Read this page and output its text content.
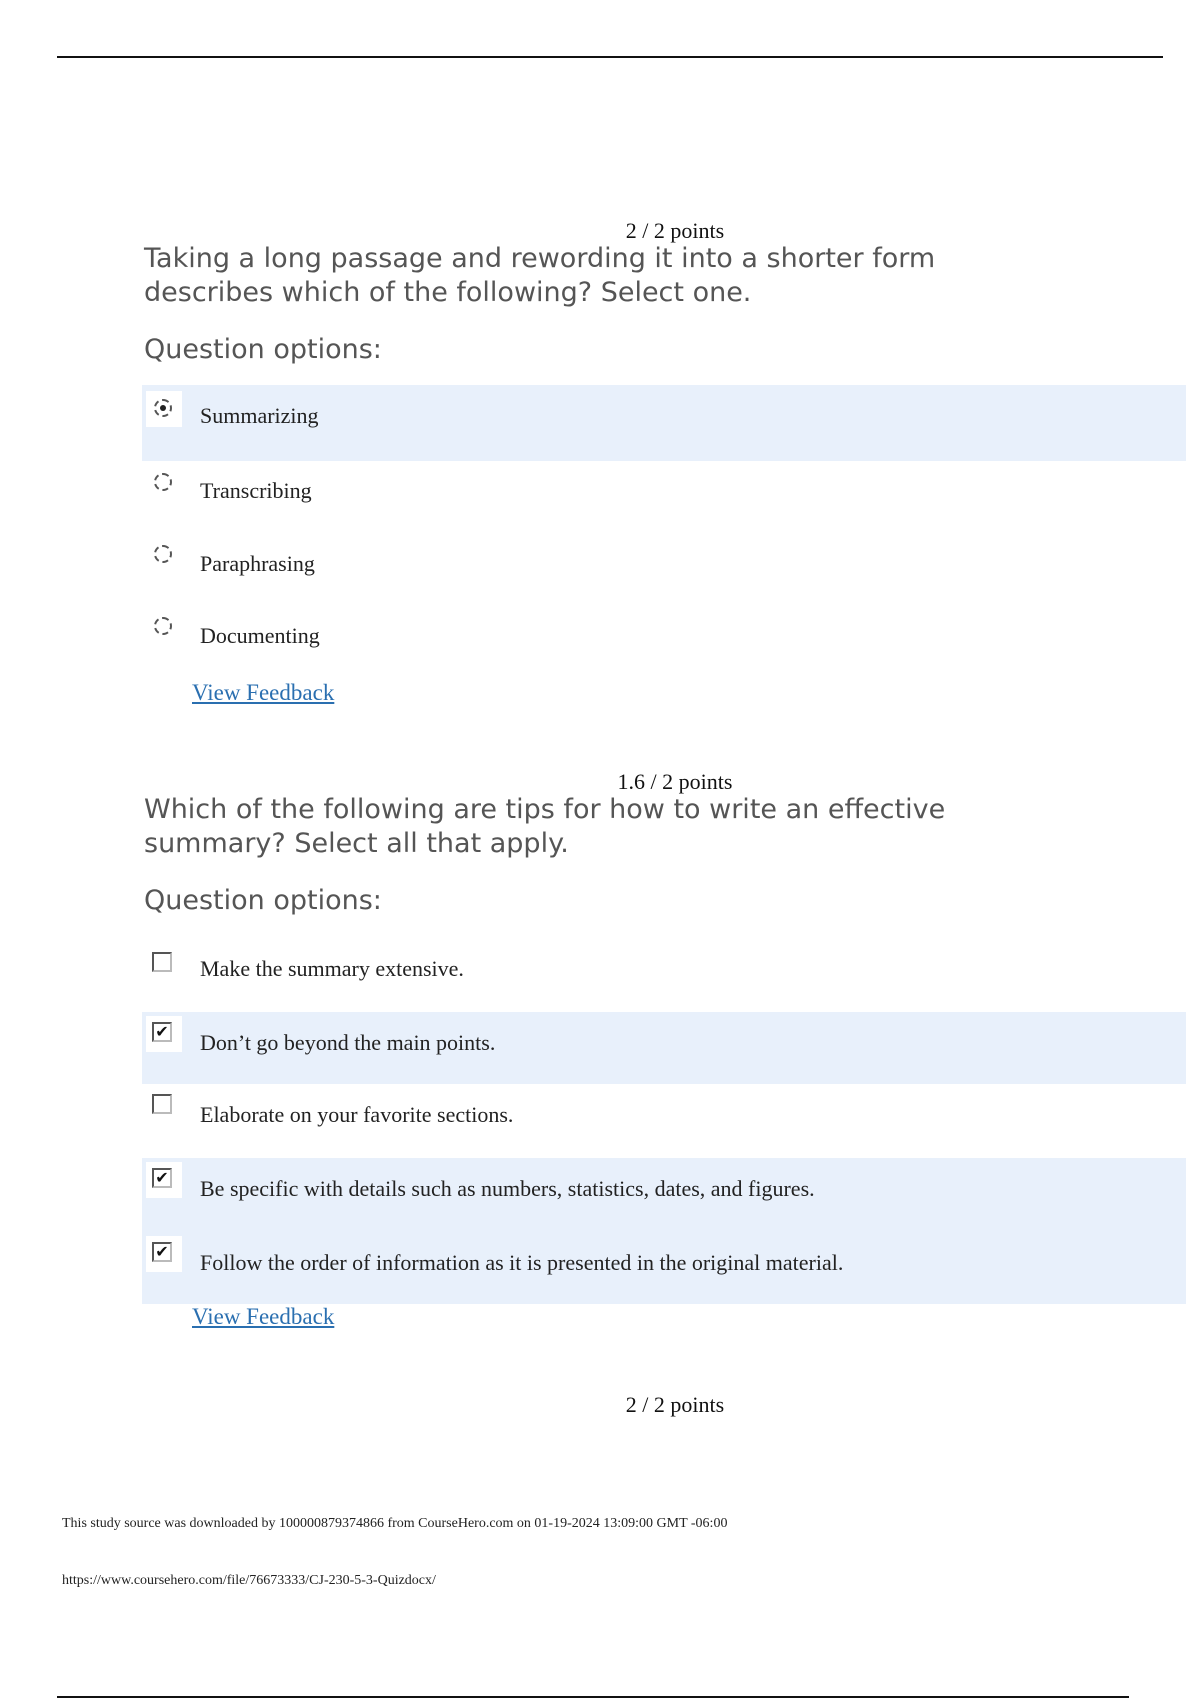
2 / 2 points
Taking a long passage and rewording it into a shorter form describes which of the following? Select one.
Question options:
Summarizing
Transcribing
Paraphrasing
Documenting
View Feedback
1.6 / 2 points
Which of the following are tips for how to write an effective summary? Select all that apply.
Question options:
Make the summary extensive.
✔ Don’t go beyond the main points.
Elaborate on your favorite sections.
✔ Be specific with details such as numbers, statistics, dates, and figures.
✔ Follow the order of information as it is presented in the original material.
View Feedback
2 / 2 points
This study source was downloaded by 100000879374866 from CourseHero.com on 01-19-2024 13:09:00 GMT -06:00
https://www.coursehero.com/file/76673333/CJ-230-5-3-Quizdocx/
